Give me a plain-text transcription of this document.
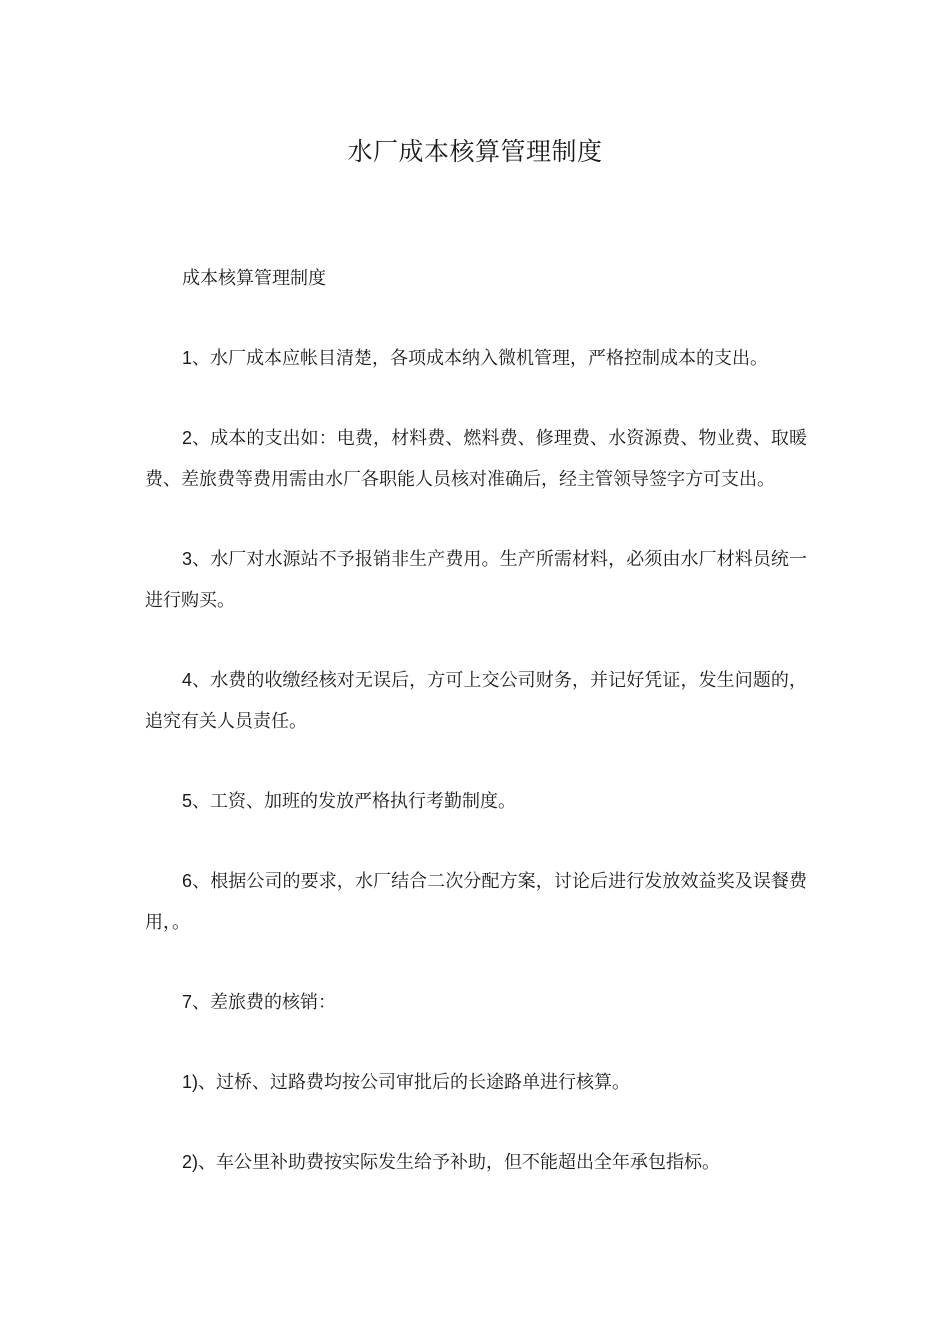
水厂成本核算管理制度

成本核算管理制度

1、水厂成本应帐目清楚，各项成本纳入微机管理，严格控制成本的支出。

2、成本的支出如：电费，材料费、燃料费、修理费、水资源费、物业费、取暖费、差旅费等费用需由水厂各职能人员核对准确后，经主管领导签字方可支出。

3、水厂对水源站不予报销非生产费用。生产所需材料，必须由水厂材料员统一进行购买。

4、水费的收缴经核对无误后，方可上交公司财务，并记好凭证，发生问题的，追究有关人员责任。

5、工资、加班的发放严格执行考勤制度。

6、根据公司的要求，水厂结合二次分配方案，讨论后进行发放效益奖及误餐费用，。

7、差旅费的核销：

1)、过桥、过路费均按公司审批后的长途路单进行核算。

2)、车公里补助费按实际发生给予补助，但不能超出全年承包指标。
